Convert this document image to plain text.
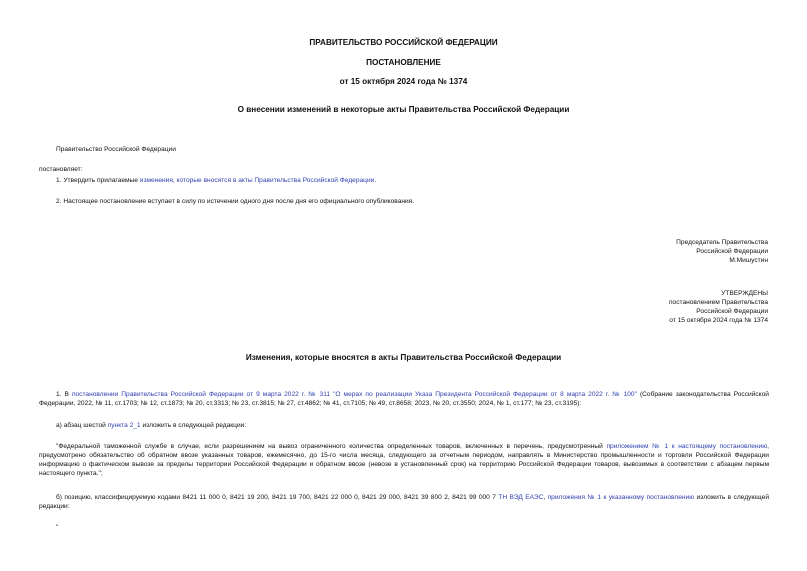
ПРАВИТЕЛЬСТВО РОССИЙСКОЙ ФЕДЕРАЦИИ
ПОСТАНОВЛЕНИЕ
от 15 октября 2024 года № 1374
О внесении изменений в некоторые акты Правительства Российской Федерации
Правительство Российской Федерации
постановляет:
1. Утвердить прилагаемые изменения, которые вносятся в акты Правительства Российской Федерации.
2. Настоящее постановление вступает в силу по истечении одного дня после дня его официального опубликования.
Председатель Правительства
Российской Федерации
М.Мишустин
УТВЕРЖДЕНЫ
постановлением Правительства
Российской Федерации
от 15 октября 2024 года № 1374
Изменения, которые вносятся в акты Правительства Российской Федерации
1. В постановлении Правительства Российской Федерации от 9 марта 2022 г. № 311 "О мерах по реализации Указа Президента Российской Федерации от 8 марта 2022 г. № 100" (Собрание законодательства Российской Федерации, 2022, № 11, ст.1703; № 12, ст.1873; № 20, ст.3313; № 23, ст.3815; № 27, ст.4862; № 41, ст.7105; № 49, ст.8658; 2023, № 20, ст.3550; 2024, № 1, ст.177; № 23, ст.3195):
а) абзац шестой пункта 2_1 изложить в следующей редакции:
"Федеральной таможенной службе в случае, если разрешением на вывоз ограниченного количества определенных товаров, включенных в перечень, предусмотренный приложением № 1 к настоящему постановлению, предусмотрено обязательство об обратном ввозе указанных товаров, ежемесячно, до 15-го числа месяца, следующего за отчетным периодом, направлять в Министерство промышленности и торговли Российской Федерации информацию о фактическом вывозе за пределы территории Российской Федерации и обратном ввозе (невозе в установленный срок) на территорию Российской Федерации товаров, вывозимых в соответствии с абзацем первым настоящего пункта.";
б) позицию, классифицируемую кодами 8421 11 000 0, 8421 19 200, 8421 19 700, 8421 22 000 0, 8421 29 000, 8421 39 800 2, 8421 99 000 7 ТН ВЭД ЕАЭС, приложения № 1 к указанному постановлению изложить в следующей редакции:
"
